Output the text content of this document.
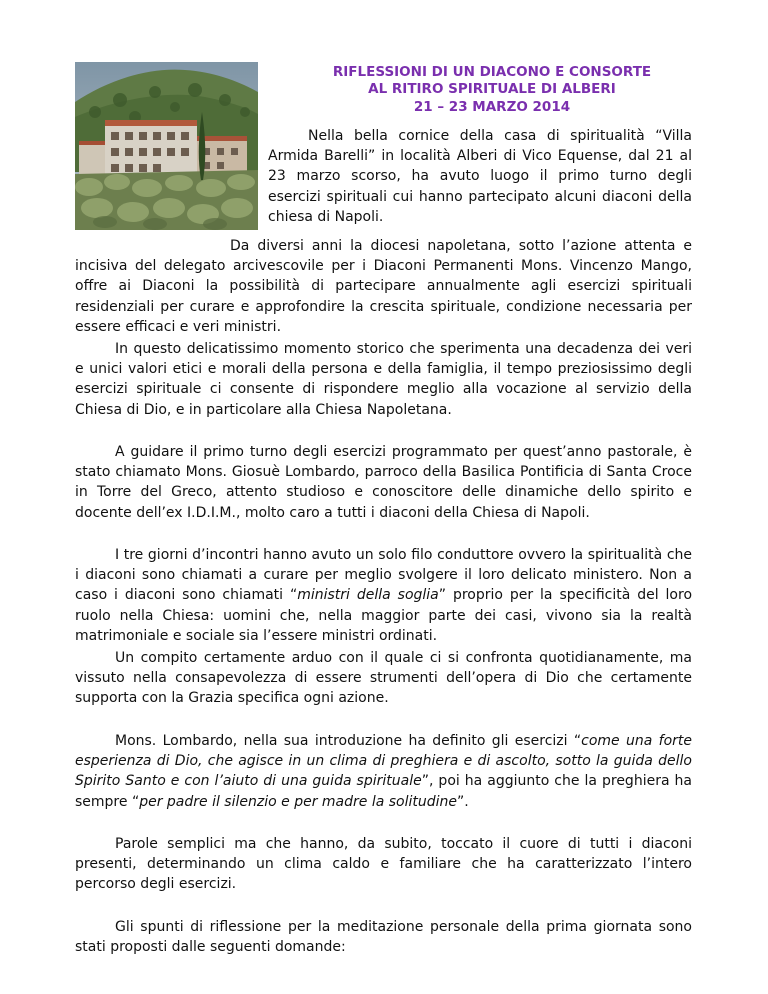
RIFLESSIONI DI UN DIACONO E CONSORTE
AL RITIRO SPIRITUALE DI ALBERI
21 – 23 MARZO 2014

Nella bella cornice della casa di spiritualità “Villa Armida Barelli” in località Alberi di Vico Equense, dal 21 al 23 marzo scorso, ha avuto luogo il primo turno degli esercizi spirituali cui hanno partecipato alcuni diaconi della chiesa di Napoli.

Da diversi anni la diocesi napoletana, sotto l’azione attenta e incisiva del delegato arcivescovile per i Diaconi Permanenti Mons. Vincenzo Mango, offre ai Diaconi la possibilità di partecipare annualmente agli esercizi spirituali residenziali per curare e approfondire la crescita spirituale, condizione necessaria per essere efficaci e veri ministri.

In questo delicatissimo momento storico che sperimenta una decadenza dei veri e unici valori etici e morali della persona e della famiglia, il tempo preziosissimo degli esercizi spirituale ci consente di rispondere meglio alla vocazione al servizio della Chiesa di Dio, e in particolare alla Chiesa Napoletana.

A guidare il primo turno degli esercizi programmato per quest’anno pastorale, è stato chiamato Mons. Giosuè Lombardo, parroco della Basilica Pontificia di Santa Croce in Torre del Greco, attento studioso e conoscitore delle dinamiche dello spirito e docente dell’ex I.D.I.M., molto caro a tutti i diaconi della Chiesa di Napoli.

I tre giorni d’incontri hanno avuto un solo filo conduttore ovvero la spiritualità che i diaconi sono chiamati a curare per meglio svolgere il loro delicato ministero. Non a caso i diaconi sono chiamati “ministri della soglia” proprio per la specificità del loro ruolo nella Chiesa: uomini che, nella maggior parte dei casi, vivono sia la realtà matrimoniale e sociale sia l’essere ministri ordinati.

Un compito certamente arduo con il quale ci si confronta quotidianamente, ma vissuto nella consapevolezza di essere strumenti dell’opera di Dio che certamente supporta con la Grazia specifica ogni azione.

Mons. Lombardo, nella sua introduzione ha definito gli esercizi “come una forte esperienza di Dio, che agisce in un clima di preghiera e di ascolto, sotto la guida dello Spirito Santo e con l’aiuto di una guida spirituale”, poi ha aggiunto che la preghiera ha sempre “per padre il silenzio e per madre la solitudine”.

Parole semplici ma che hanno, da subito, toccato il cuore di tutti i diaconi presenti, determinando un clima caldo e familiare che ha caratterizzato l’intero percorso degli esercizi.

Gli spunti di riflessione per la meditazione personale della prima giornata sono stati proposti dalle seguenti domande:
